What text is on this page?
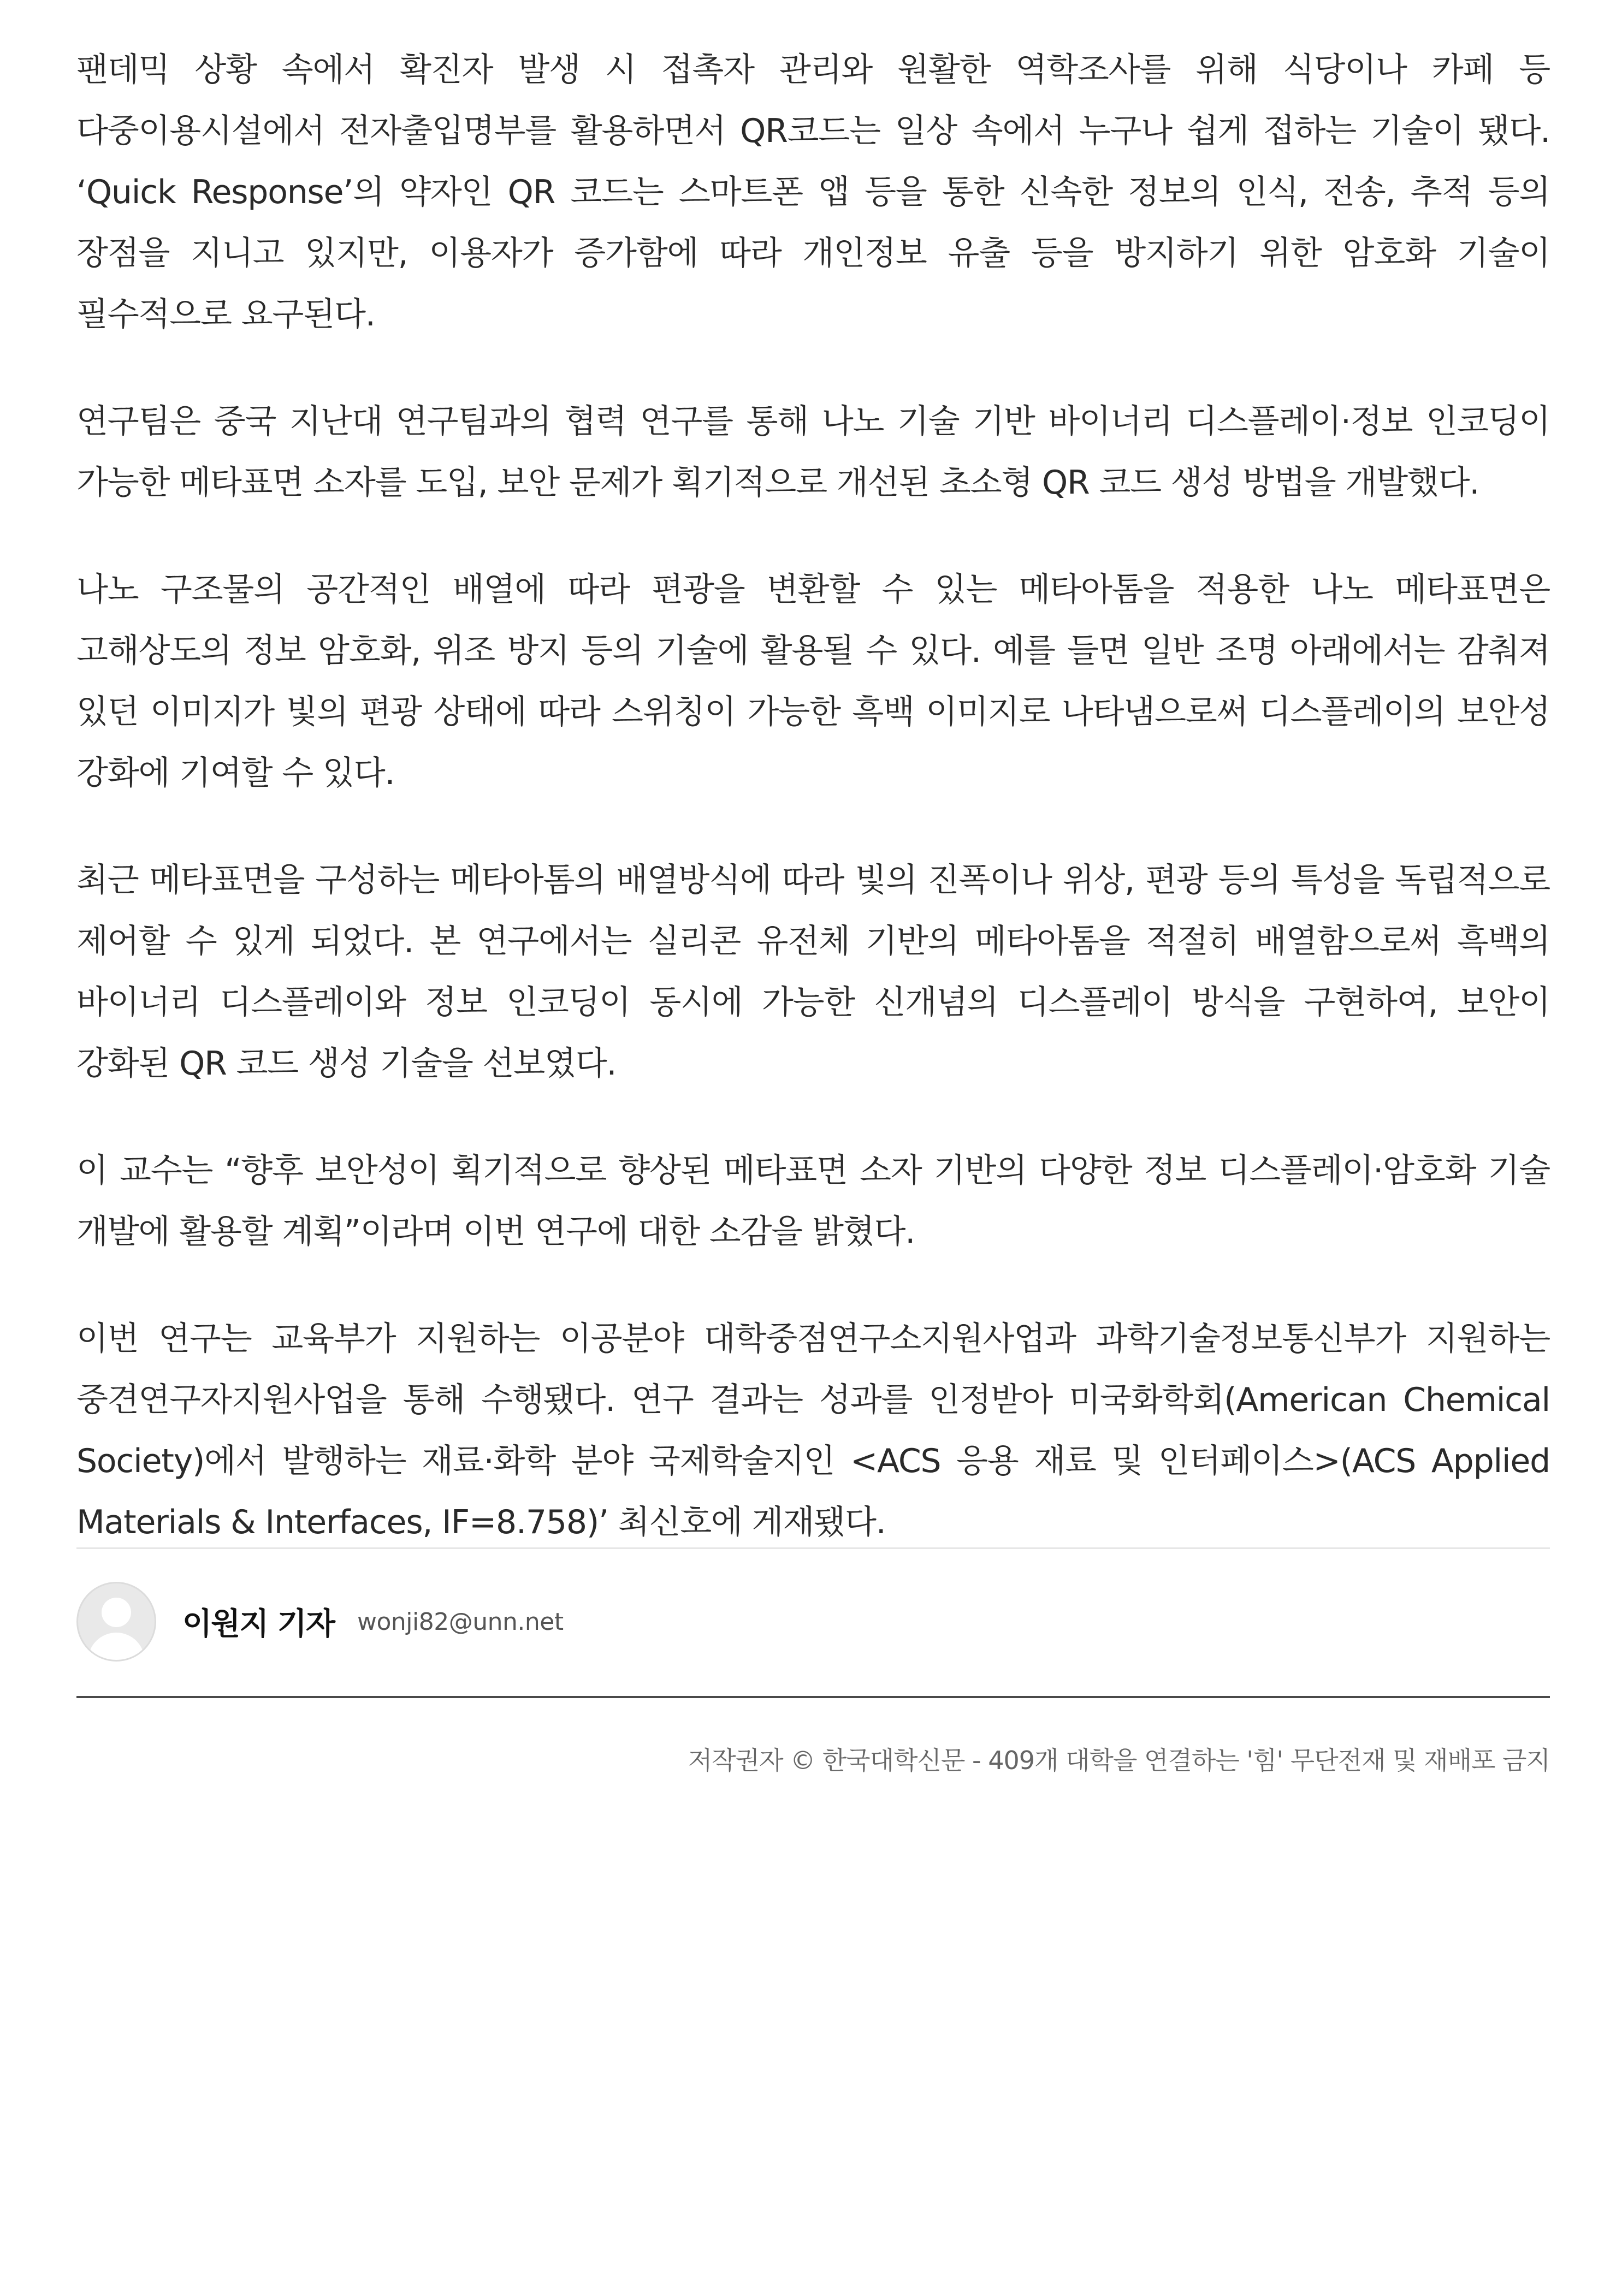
팬데믹 상황 속에서 확진자 발생 시 접촉자 관리와 원활한 역학조사를 위해 식당이나 카페 등 다중이용시설에서 전자출입명부를 활용하면서 QR코드는 일상 속에서 누구나 쉽게 접하는 기술이 됐다. ‘Quick Response’의 약자인 QR 코드는 스마트폰 앱 등을 통한 신속한 정보의 인식, 전송, 추적 등의 장점을 지니고 있지만, 이용자가 증가함에 따라 개인정보 유출 등을 방지하기 위한 암호화 기술이 필수적으로 요구된다.

연구팀은 중국 지난대 연구팀과의 협력 연구를 통해 나노 기술 기반 바이너리 디스플레이·정보 인코딩이 가능한 메타표면 소자를 도입, 보안 문제가 획기적으로 개선된 초소형 QR 코드 생성 방법을 개발했다.

나노 구조물의 공간적인 배열에 따라 편광을 변환할 수 있는 메타아톰을 적용한 나노 메타표면은 고해상도의 정보 암호화, 위조 방지 등의 기술에 활용될 수 있다. 예를 들면 일반 조명 아래에서는 감춰져 있던 이미지가 빛의 편광 상태에 따라 스위칭이 가능한 흑백 이미지로 나타냄으로써 디스플레이의 보안성 강화에 기여할 수 있다.

최근 메타표면을 구성하는 메타아톰의 배열방식에 따라 빛의 진폭이나 위상, 편광 등의 특성을 독립적으로 제어할 수 있게 되었다. 본 연구에서는 실리콘 유전체 기반의 메타아톰을 적절히 배열함으로써 흑백의 바이너리 디스플레이와 정보 인코딩이 동시에 가능한 신개념의 디스플레이 방식을 구현하여, 보안이 강화된 QR 코드 생성 기술을 선보였다.

이 교수는 “향후 보안성이 획기적으로 향상된 메타표면 소자 기반의 다양한 정보 디스플레이·암호화 기술 개발에 활용할 계획”이라며 이번 연구에 대한 소감을 밝혔다.

이번 연구는 교육부가 지원하는 이공분야 대학중점연구소지원사업과 과학기술정보통신부가 지원하는 중견연구자지원사업을 통해 수행됐다. 연구 결과는 성과를 인정받아 미국화학회(American Chemical Society)에서 발행하는 재료·화학 분야 국제학술지인 <ACS 응용 재료 및 인터페이스>(ACS Applied Materials & Interfaces, IF=8.758)’ 최신호에 게재됐다.

이원지 기자 wonji82@unn.net
저작권자 © 한국대학신문 - 409개 대학을 연결하는 '힘' 무단전재 및 재배포 금지
